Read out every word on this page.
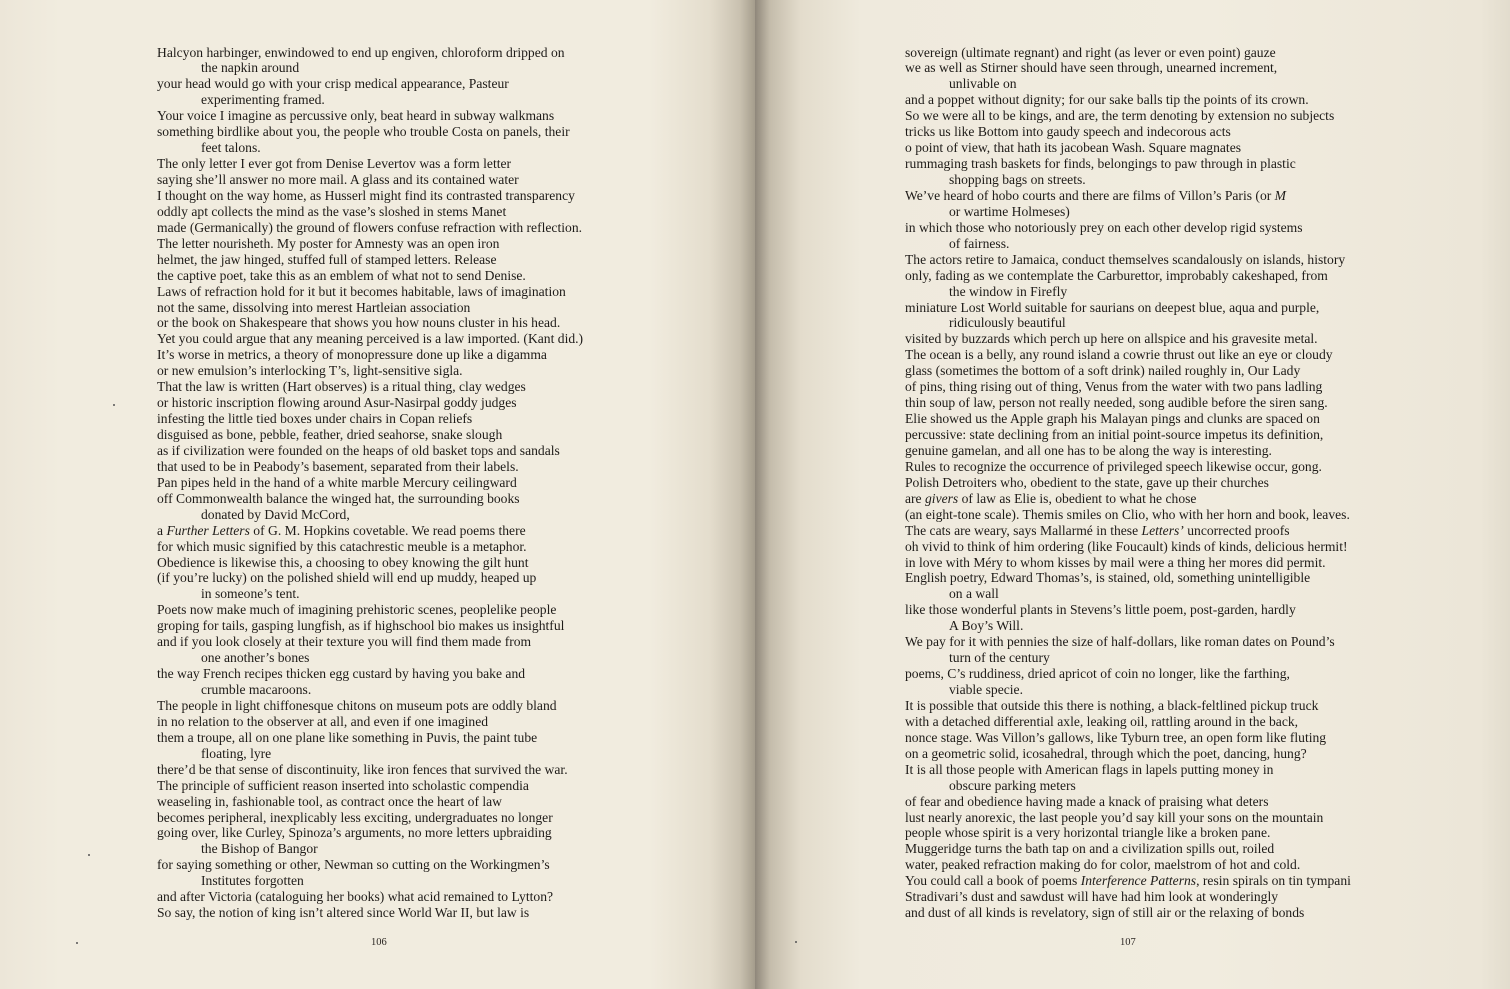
Halcyon harbinger, enwindowed to end up engiven, chloroform dripped on
the napkin around
your head would go with your crisp medical appearance, Pasteur
experimenting framed.
Your voice I imagine as percussive only, beat heard in subway walkmans
something birdlike about you, the people who trouble Costa on panels, their
feet talons.
The only letter I ever got from Denise Levertov was a form letter
saying she’ll answer no more mail. A glass and its contained water
I thought on the way home, as Husserl might find its contrasted transparency
oddly apt collects the mind as the vase’s sloshed in stems Manet
made (Germanically) the ground of flowers confuse refraction with reflection.
The letter nourisheth. My poster for Amnesty was an open iron
helmet, the jaw hinged, stuffed full of stamped letters. Release
the captive poet, take this as an emblem of what not to send Denise.
Laws of refraction hold for it but it becomes habitable, laws of imagination
not the same, dissolving into merest Hartleian association
or the book on Shakespeare that shows you how nouns cluster in his head.
Yet you could argue that any meaning perceived is a law imported. (Kant did.)
It’s worse in metrics, a theory of monopressure done up like a digamma
or new emulsion’s interlocking T’s, light-sensitive sigla.
That the law is written (Hart observes) is a ritual thing, clay wedges
or historic inscription flowing around Asur-Nasirpal goddy judges
infesting the little tied boxes under chairs in Copan reliefs
disguised as bone, pebble, feather, dried seahorse, snake slough
as if civilization were founded on the heaps of old basket tops and sandals
that used to be in Peabody’s basement, separated from their labels.
Pan pipes held in the hand of a white marble Mercury ceilingward
off Commonwealth balance the winged hat, the surrounding books
donated by David McCord,
a Further Letters of G. M. Hopkins covetable. We read poems there
for which music signified by this catachrestic meuble is a metaphor.
Obedience is likewise this, a choosing to obey knowing the gilt hunt
(if you’re lucky) on the polished shield will end up muddy, heaped up
in someone’s tent.
Poets now make much of imagining prehistoric scenes, peoplelike people
groping for tails, gasping lungfish, as if highschool bio makes us insightful
and if you look closely at their texture you will find them made from
one another’s bones
the way French recipes thicken egg custard by having you bake and
crumble macaroons.
The people in light chiffonesque chitons on museum pots are oddly bland
in no relation to the observer at all, and even if one imagined
them a troupe, all on one plane like something in Puvis, the paint tube
floating, lyre
there’d be that sense of discontinuity, like iron fences that survived the war.
The principle of sufficient reason inserted into scholastic compendia
weaseling in, fashionable tool, as contract once the heart of law
becomes peripheral, inexplicably less exciting, undergraduates no longer
going over, like Curley, Spinoza’s arguments, no more letters upbraiding
the Bishop of Bangor
for saying something or other, Newman so cutting on the Workingmen’s
Institutes forgotten
and after Victoria (cataloguing her books) what acid remained to Lytton?
So say, the notion of king isn’t altered since World War II, but law is
106
sovereign (ultimate regnant) and right (as lever or even point) gauze
we as well as Stirner should have seen through, unearned increment,
unlivable on
and a poppet without dignity; for our sake balls tip the points of its crown.
So we were all to be kings, and are, the term denoting by extension no subjects
tricks us like Bottom into gaudy speech and indecorous acts
o point of view, that hath its jacobean Wash. Square magnates
rummaging trash baskets for finds, belongings to paw through in plastic
shopping bags on streets.
We’ve heard of hobo courts and there are films of Villon’s Paris (or M
or wartime Holmeses)
in which those who notoriously prey on each other develop rigid systems
of fairness.
The actors retire to Jamaica, conduct themselves scandalously on islands, history
only, fading as we contemplate the Carburettor, improbably cakeshaped, from
the window in Firefly
miniature Lost World suitable for saurians on deepest blue, aqua and purple,
ridiculously beautiful
visited by buzzards which perch up here on allspice and his gravesite metal.
The ocean is a belly, any round island a cowrie thrust out like an eye or cloudy
glass (sometimes the bottom of a soft drink) nailed roughly in, Our Lady
of pins, thing rising out of thing, Venus from the water with two pans ladling
thin soup of law, person not really needed, song audible before the siren sang.
Elie showed us the Apple graph his Malayan pings and clunks are spaced on
percussive: state declining from an initial point-source impetus its definition,
genuine gamelan, and all one has to be along the way is interesting.
Rules to recognize the occurrence of privileged speech likewise occur, gong.
Polish Detroiters who, obedient to the state, gave up their churches
are givers of law as Elie is, obedient to what he chose
(an eight-tone scale). Themis smiles on Clio, who with her horn and book, leaves.
The cats are weary, says Mallarmé in these Letters’ uncorrected proofs
oh vivid to think of him ordering (like Foucault) kinds of kinds, delicious hermit!
in love with Méry to whom kisses by mail were a thing her mores did permit.
English poetry, Edward Thomas’s, is stained, old, something unintelligible
on a wall
like those wonderful plants in Stevens’s little poem, post-garden, hardly
A Boy’s Will.
We pay for it with pennies the size of half-dollars, like roman dates on Pound’s
turn of the century
poems, C’s ruddiness, dried apricot of coin no longer, like the farthing,
viable specie.
It is possible that outside this there is nothing, a black-feltlined pickup truck
with a detached differential axle, leaking oil, rattling around in the back,
nonce stage. Was Villon’s gallows, like Tyburn tree, an open form like fluting
on a geometric solid, icosahedral, through which the poet, dancing, hung?
It is all those people with American flags in lapels putting money in
obscure parking meters
of fear and obedience having made a knack of praising what deters
lust nearly anorexic, the last people you’d say kill your sons on the mountain
people whose spirit is a very horizontal triangle like a broken pane.
Muggeridge turns the bath tap on and a civilization spills out, roiled
water, peaked refraction making do for color, maelstrom of hot and cold.
You could call a book of poems Interference Patterns, resin spirals on tin tympani
Stradivari’s dust and sawdust will have had him look at wonderingly
and dust of all kinds is revelatory, sign of still air or the relaxing of bonds
107
